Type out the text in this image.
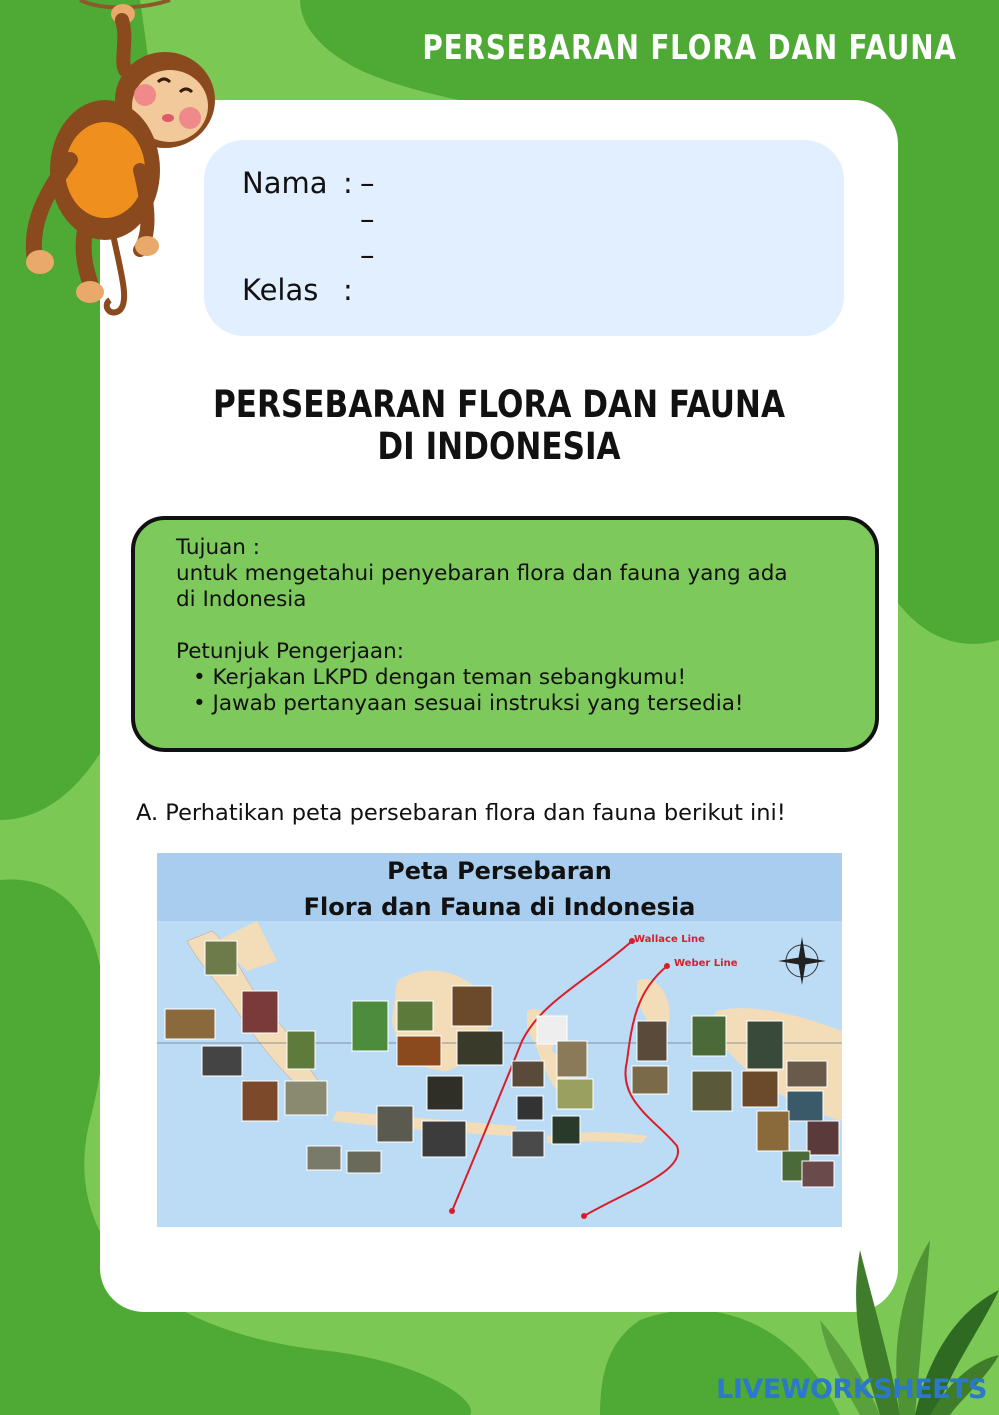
PERSEBARAN FLORA DAN FAUNA
Nama : –
–
–
Kelas :
PERSEBARAN FLORA DAN FAUNA
DI INDONESIA
Tujuan :
untuk mengetahui penyebaran flora dan fauna yang ada
di Indonesia
Petunjuk Pengerjaan:
• Kerjakan LKPD dengan teman sebangkumu!
• Jawab pertanyaan sesuai instruksi yang tersedia!
A. Perhatikan peta persebaran flora dan fauna berikut ini!
Peta Persebaran
Flora dan Fauna di Indonesia
Wallace Line
Weber Line
LIVEWORKSHEETS
